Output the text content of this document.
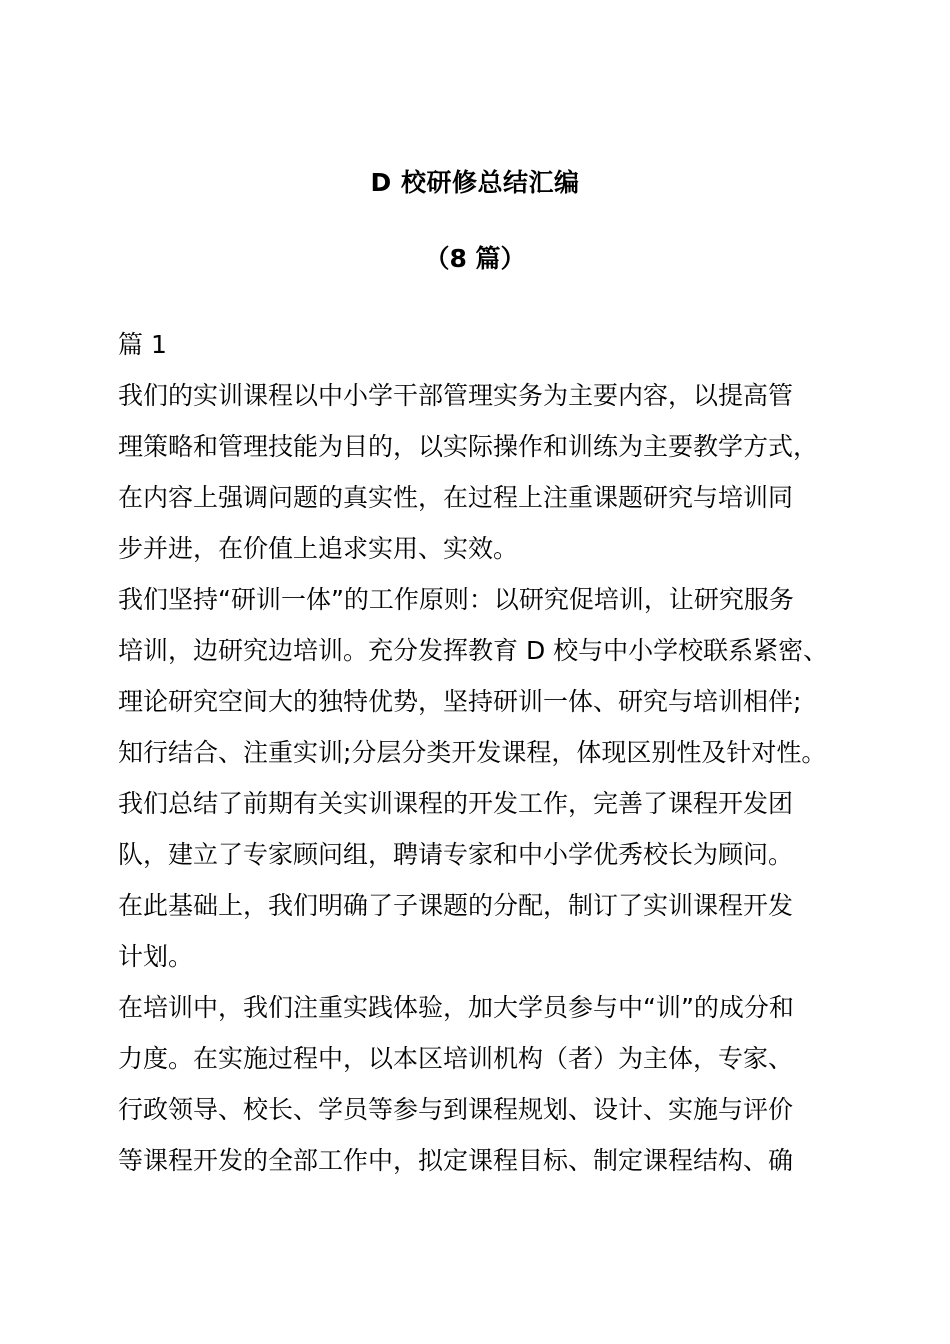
D 校研修总结汇编
（8 篇）
篇 1
我们的实训课程以中小学干部管理实务为主要内容，以提高管
理策略和管理技能为目的，以实际操作和训练为主要教学方式，
在内容上强调问题的真实性，在过程上注重课题研究与培训同
步并进，在价值上追求实用、实效。
我们坚持“研训一体”的工作原则：以研究促培训，让研究服务
培训，边研究边培训。充分发挥教育 D 校与中小学校联系紧密、
理论研究空间大的独特优势，坚持研训一体、研究与培训相伴;
知行结合、注重实训;分层分类开发课程，体现区别性及针对性。
我们总结了前期有关实训课程的开发工作，完善了课程开发团
队，建立了专家顾问组，聘请专家和中小学优秀校长为顾问。
在此基础上，我们明确了子课题的分配，制订了实训课程开发
计划。
在培训中，我们注重实践体验，加大学员参与中“训”的成分和
力度。在实施过程中，以本区培训机构（者）为主体，专家、
行政领导、校长、学员等参与到课程规划、设计、实施与评价
等课程开发的全部工作中，拟定课程目标、制定课程结构、确
